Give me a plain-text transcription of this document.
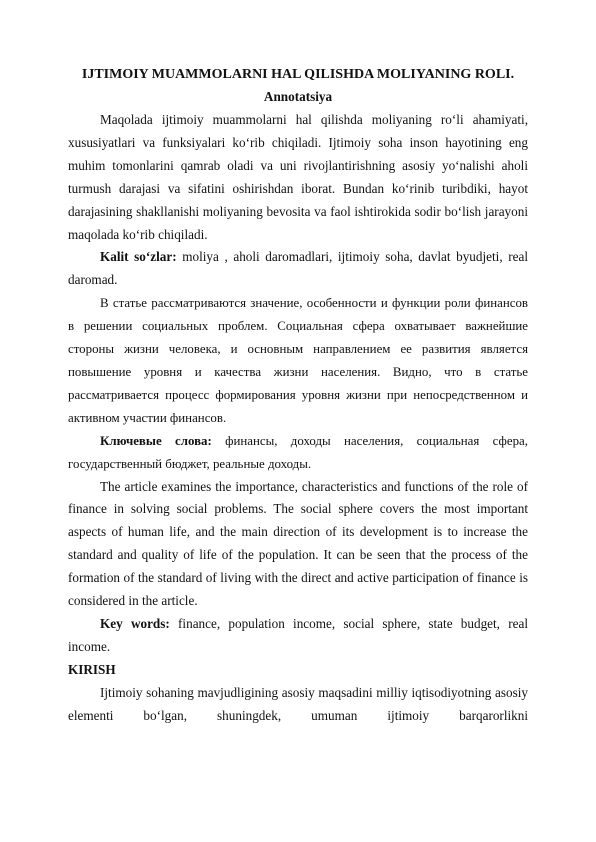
IJTIMOIY MUAMMOLARNI HAL QILISHDA MOLIYANING ROLI.
Annotatsiya

Maqolada ijtimoiy muammolarni hal qilishda moliyaning roʻli ahamiyati, xususiyatlari va funksiyalari koʻrib chiqiladi. Ijtimoiy soha inson hayotining eng muhim tomonlarini qamrab oladi va uni rivojlantirishning asosiy yoʻnalishi aholi turmush darajasi va sifatini oshirishdan iborat. Bundan koʻrinib turibdiki, hayot darajasining shakllanishi moliyaning bevosita va faol ishtirokida sodir boʻlish jarayoni maqolada koʻrib chiqiladi.

Kalit soʻzlar: moliya , aholi daromadlari, ijtimoiy soha, davlat byudjeti, real daromad.

В статье рассматриваются значение, особенности и функции роли финансов в решении социальных проблем. Социальная сфера охватывает важнейшие стороны жизни человека, и основным направлением ее развития является повышение уровня и качества жизни населения. Видно, что в статье рассматривается процесс формирования уровня жизни при непосредственном и активном участии финансов.

Ключевые слова: финансы, доходы населения, социальная сфера, государственный бюджет, реальные доходы.

The article examines the importance, characteristics and functions of the role of finance in solving social problems. The social sphere covers the most important aspects of human life, and the main direction of its development is to increase the standard and quality of life of the population. It can be seen that the process of the formation of the standard of living with the direct and active participation of finance is considered in the article.

Key words: finance, population income, social sphere, state budget, real income.

KIRISH

Ijtimoiy sohaning mavjudligining asosiy maqsadini milliy iqtisodiyotning asosiy elementi boʻlgan, shuningdek, umuman ijtimoiy barqarorlikni
